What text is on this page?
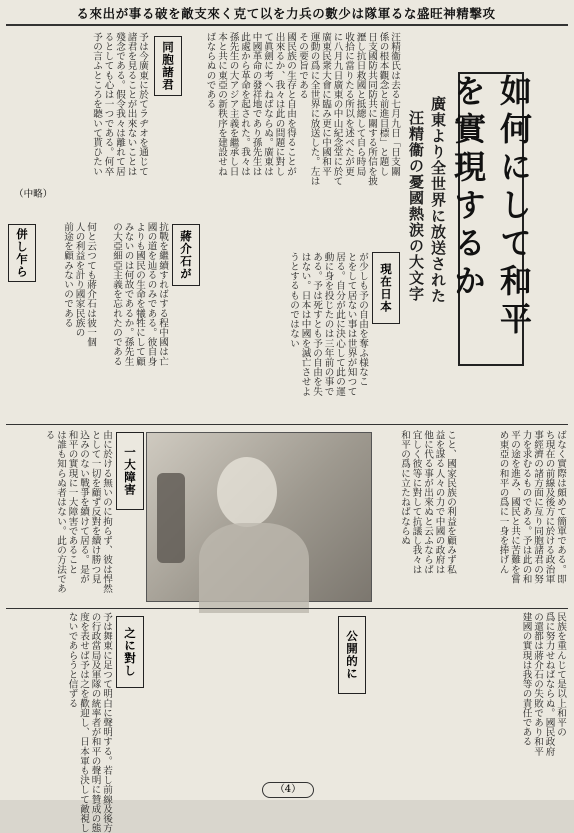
る來出が事る破を敵支來く克て以を力兵の數少は隊軍るな盛旺神精撃攻
如何にして和平を實現するか
廣東より全世界に放送された
汪精衞の憂國熱涙の大文字
汪精衞氏は去る七月九日「日支關
係の根本觀念と前進目標」と題し
日支國防共同防共に關する所信を披
瀝し抗日救國と抵總して自ら時局
收拾に當りたる所以を述べたが更
に八月九日廣東の中山紀念堂に於て
廣東民衆大會に臨み更に中國和平
運動の爲に全世界に放送した。左は
その要旨である
國民族の生存と自由を得ることが
出來るか、我々は此の問題に對し
て眞劍に考へねばならぬ。廣東は
中國革命の發祥地であり孫先生は
此處から革命を起された。我々は
孫先生の大アジア主義を繼承し日
本と共に東亞の新秩序を建設せね
ばならぬのである
同胞諸君
予は今廣東に於てラヂオを通じて
諸君を見ることが出來ないことは
殘念である。假令我々は離れて居
るとしても心は一つである。何卒
予の言ふところを聽いて貰ひたい
（中略）
現在日本
が少しも予の自由を奪ふ様なこ
とをして居ない事は世界が知つて
居る。自分が此に決心して此の運
動に身を投じたのは三年前の事で
ある。予は死すとも予の自由を失
はない。日本は中國を滅亡させよ
うとするものではない
蔣介石が
抗戰を繼續すればする程中國は亡
國の道を辿るのみである。彼自身
よりも國民の生命を犧牲にして顧
みないのは何故であるか。孫先生
の大亞細亞主義を忘れたのである
併し乍ら	何と云つても蔣介石は彼一個
人の利益を計り國家民族の
前途を顧みないのである
一大障害
由に於ける無いのに拘らず、彼は悍然
として一切を顧ず反對を續け勝つ見
込みのない戰爭を續けて居る。是が
和平の實現に一大障害であること
は誰も知らぬ者はない。此の方法であ
る	こと、國家民族の利益を顧みず私
益を謀る人々の力で中國の政府は
他に代る事が出來ぬと云ふならば
宜しく彼等に對して抗議し我々は
和平の爲に立たねばならぬ	ばなく實際は頗めて簡單である。即
ち現在の前線及後方に於ける政治軍
事經濟の諸方面に亙り同胞諸君の努
力を求むるものである。予は此の和
平の途を進み、國民と共に苦難を嘗
め東亞の和平の爲に一身を捧げん
公開的に	民族を重んじて是以上和平の
爲に努力せねばならぬ。國民政府
の還都は蔣介石の失敗であり和平
建國の實現は我等の責任である
之に對し
予は舞東に足つて明白に聲明する。若し前線及後方
の行政當局及軍隊の統率者が和平の聲明に贊成の態
度を表せば予は之を歡迎し、日本軍も決して敵視し
ないであらうと信ずる
（4）
